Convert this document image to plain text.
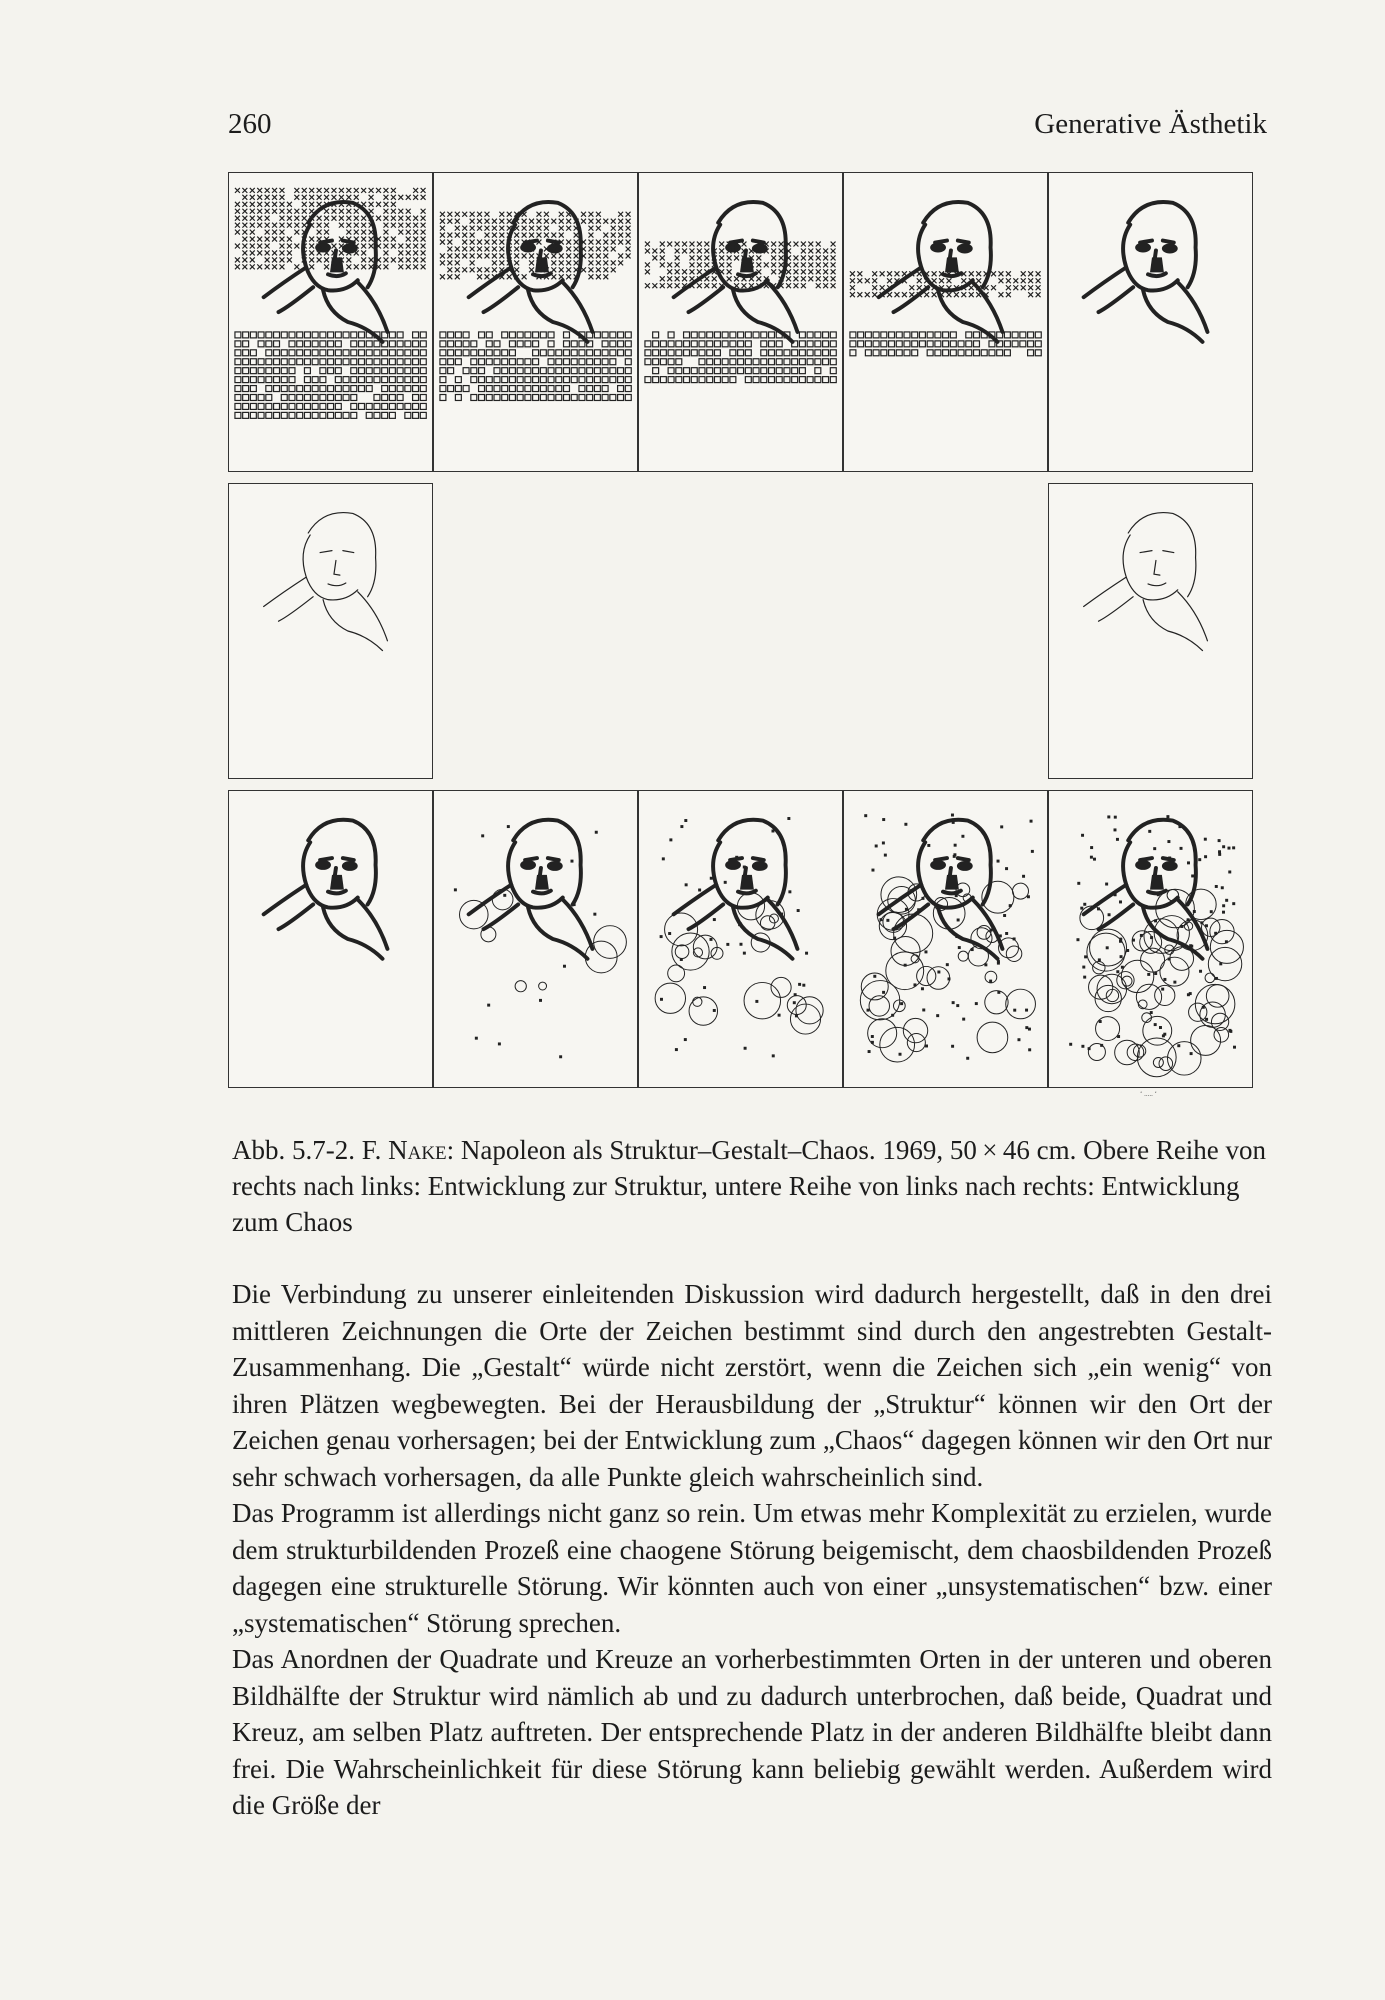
260	Generative Ästhetik
‘ ..... ‘
Abb. 5.7-2. F. Nake: Napoleon als Struktur–Gestalt–Chaos. 1969, 50 × 46 cm. Obere Reihe von rechts nach links: Entwicklung zur Struktur, untere Reihe von links nach rechts: Entwicklung zum Chaos

Die Verbindung zu unserer einleitenden Diskussion wird dadurch hergestellt, daß in den drei mittleren Zeichnungen die Orte der Zeichen bestimmt sind durch den angestrebten Gestalt-Zusammenhang. Die „Gestalt“ würde nicht zerstört, wenn die Zeichen sich „ein wenig“ von ihren Plätzen wegbewegten. Bei der Herausbildung der „Struktur“ können wir den Ort der Zeichen genau vorhersagen; bei der Entwicklung zum „Chaos“ dagegen können wir den Ort nur sehr schwach vorhersagen, da alle Punkte gleich wahrscheinlich sind.

Das Programm ist allerdings nicht ganz so rein. Um etwas mehr Komplexität zu erzielen, wurde dem strukturbildenden Prozeß eine chaogene Störung beigemischt, dem chaosbildenden Prozeß dagegen eine strukturelle Störung. Wir könnten auch von einer „unsystematischen“ bzw. einer „systematischen“ Störung sprechen.

Das Anordnen der Quadrate und Kreuze an vorherbestimmten Orten in der unteren und oberen Bildhälfte der Struktur wird nämlich ab und zu dadurch unterbrochen, daß beide, Quadrat und Kreuz, am selben Platz auftreten. Der entsprechende Platz in der anderen Bildhälfte bleibt dann frei. Die Wahrscheinlichkeit für diese Störung kann beliebig gewählt werden. Außerdem wird die Größe der
